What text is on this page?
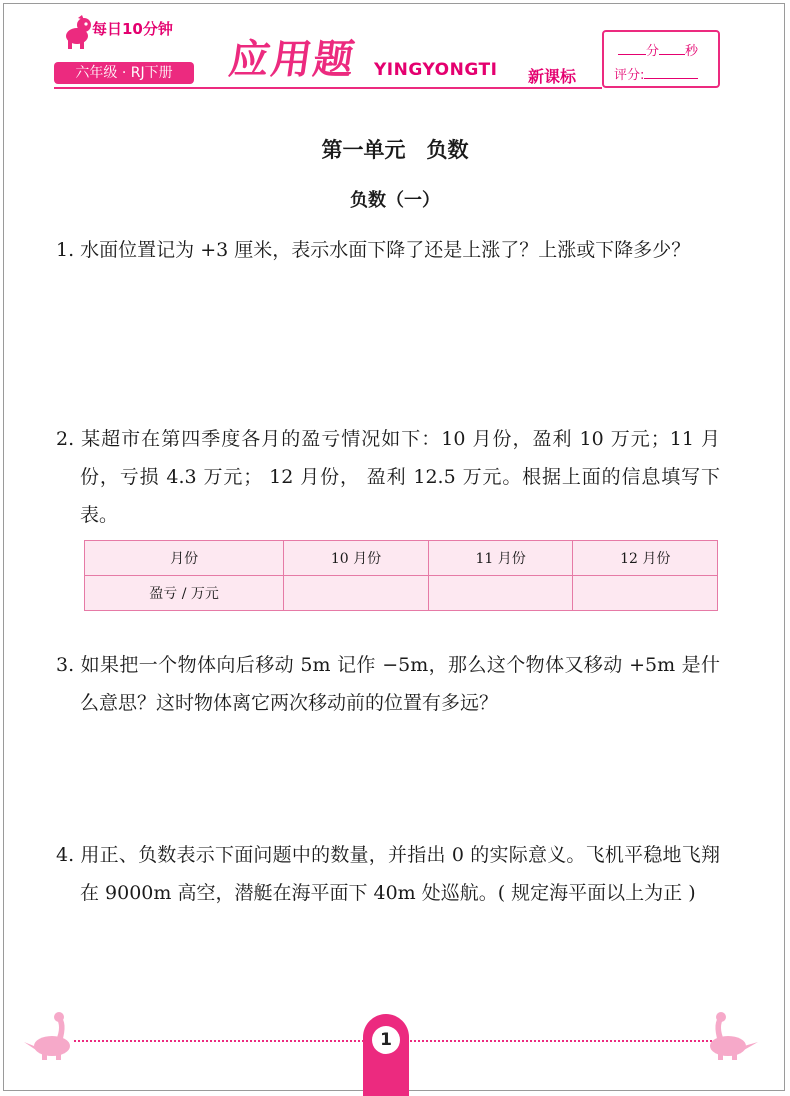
每日10分钟
六年级 · RJ下册	应用题 YINGYONGTI 新课标
分 秒
评分:
第一单元　负数
负数（一）
1. 水面位置记为 +3 厘米，表示水面下降了还是上涨了？上涨或下降多少？
2. 某超市在第四季度各月的盈亏情况如下：10 月份，盈利 10 万元；11 月份，亏损 4.3 万元； 12 月份， 盈利 12.5 万元。根据上面的信息填写下表。
月份	10 月份	11 月份	12 月份
盈亏 / 万元			
3. 如果把一个物体向后移动 5m 记作 −5m，那么这个物体又移动 +5m 是什么意思？这时物体离它两次移动前的位置有多远？
4. 用正、负数表示下面问题中的数量，并指出 0 的实际意义。飞机平稳地飞翔在 9000m 高空，潜艇在海平面下 40m 处巡航。( 规定海平面以上为正 )
1
